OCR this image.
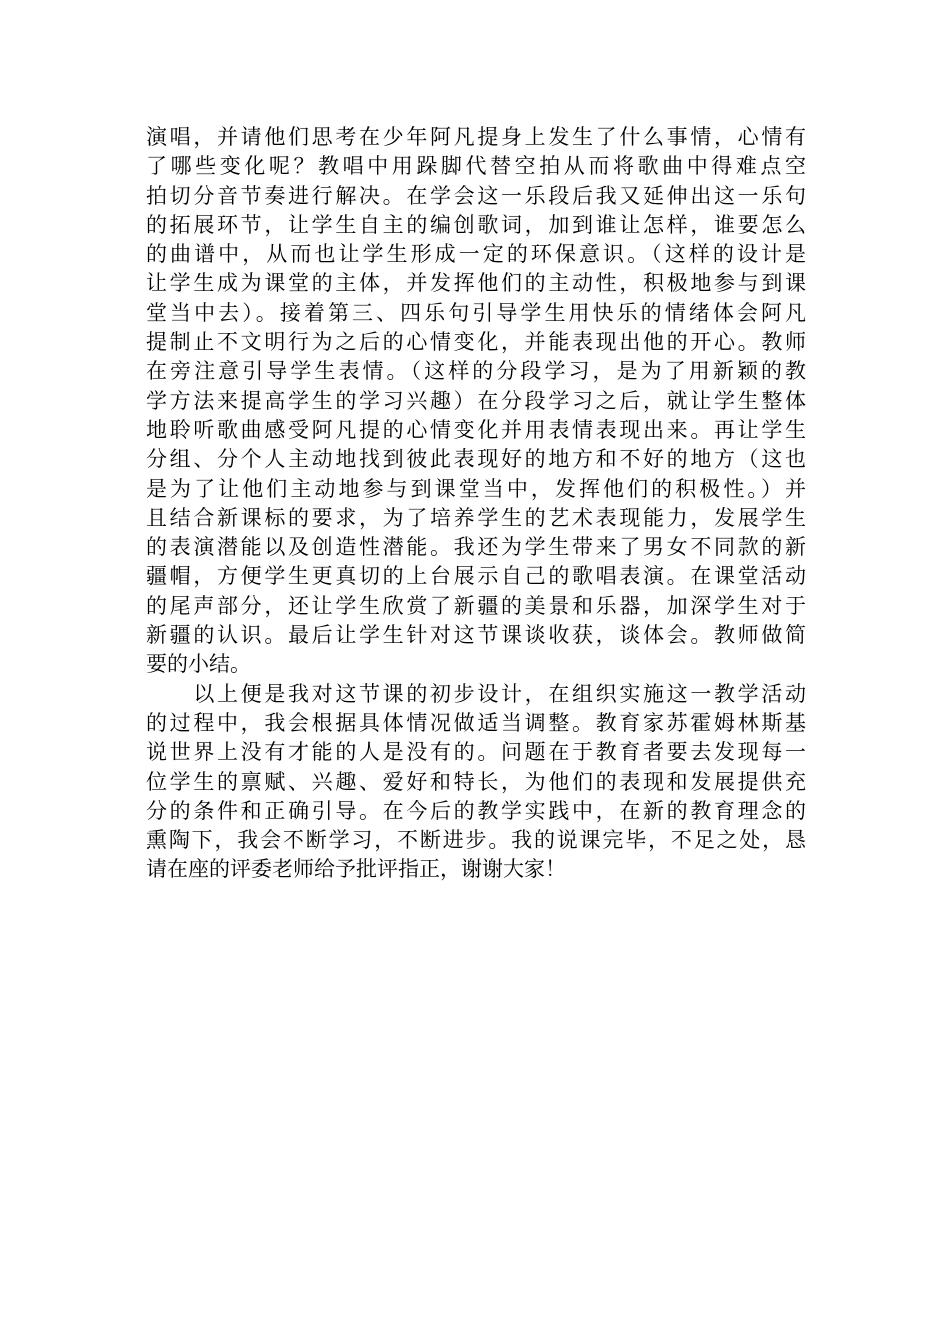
演唱，并请他们思考在少年阿凡提身上发生了什么事情，心情有
了哪些变化呢？教唱中用跺脚代替空拍从而将歌曲中得难点空
拍切分音节奏进行解决。在学会这一乐段后我又延伸出这一乐句
的拓展环节，让学生自主的编创歌词，加到谁让怎样，谁要怎么
的曲谱中，从而也让学生形成一定的环保意识。（这样的设计是
让学生成为课堂的主体，并发挥他们的主动性，积极地参与到课
堂当中去）。接着第三、四乐句引导学生用快乐的情绪体会阿凡
提制止不文明行为之后的心情变化，并能表现出他的开心。教师
在旁注意引导学生表情。（这样的分段学习，是为了用新颖的教
学方法来提高学生的学习兴趣）在分段学习之后，就让学生整体
地聆听歌曲感受阿凡提的心情变化并用表情表现出来。再让学生
分组、分个人主动地找到彼此表现好的地方和不好的地方（这也
是为了让他们主动地参与到课堂当中，发挥他们的积极性。）并
且结合新课标的要求，为了培养学生的艺术表现能力，发展学生
的表演潜能以及创造性潜能。我还为学生带来了男女不同款的新
疆帽，方便学生更真切的上台展示自己的歌唱表演。在课堂活动
的尾声部分，还让学生欣赏了新疆的美景和乐器，加深学生对于
新疆的认识。最后让学生针对这节课谈收获，谈体会。教师做简
要的小结。
　　以上便是我对这节课的初步设计，在组织实施这一教学活动
的过程中，我会根据具体情况做适当调整。教育家苏霍姆林斯基
说世界上没有才能的人是没有的。问题在于教育者要去发现每一
位学生的禀赋、兴趣、爱好和特长，为他们的表现和发展提供充
分的条件和正确引导。在今后的教学实践中，在新的教育理念的
熏陶下，我会不断学习，不断进步。我的说课完毕，不足之处，恳
请在座的评委老师给予批评指正，谢谢大家！
